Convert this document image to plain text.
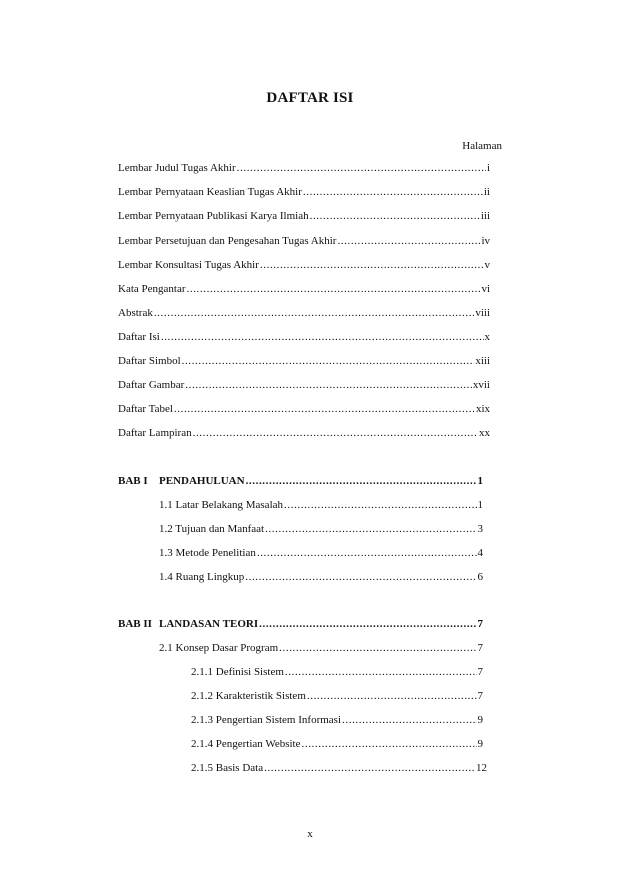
DAFTAR ISI
Halaman
Lembar Judul Tugas Akhir .....	i
Lembar Pernyataan Keaslian Tugas Akhir .....	ii
Lembar Pernyataan Publikasi Karya Ilmiah .....	iii
Lembar Persetujuan dan Pengesahan Tugas Akhir .....	iv
Lembar Konsultasi Tugas Akhir .....	v
Kata Pengantar .....	vi
Abstrak .....	viii
Daftar Isi .....	x
Daftar Simbol .....	xiii
Daftar Gambar .....	xvii
Daftar Tabel .....	xix
Daftar Lampiran .....	xx
BAB I PENDAHULUAN .....	1
1.1 Latar Belakang Masalah .....	1
1.2 Tujuan dan Manfaat .....	3
1.3 Metode Penelitian .....	4
1.4 Ruang Lingkup .....	6
BAB II LANDASAN TEORI .....	7
2.1 Konsep Dasar Program .....	7
2.1.1 Definisi Sistem .....	7
2.1.2 Karakteristik Sistem .....	7
2.1.3 Pengertian Sistem Informasi .....	9
2.1.4 Pengertian Website .....	9
2.1.5 Basis Data .....	12
x
